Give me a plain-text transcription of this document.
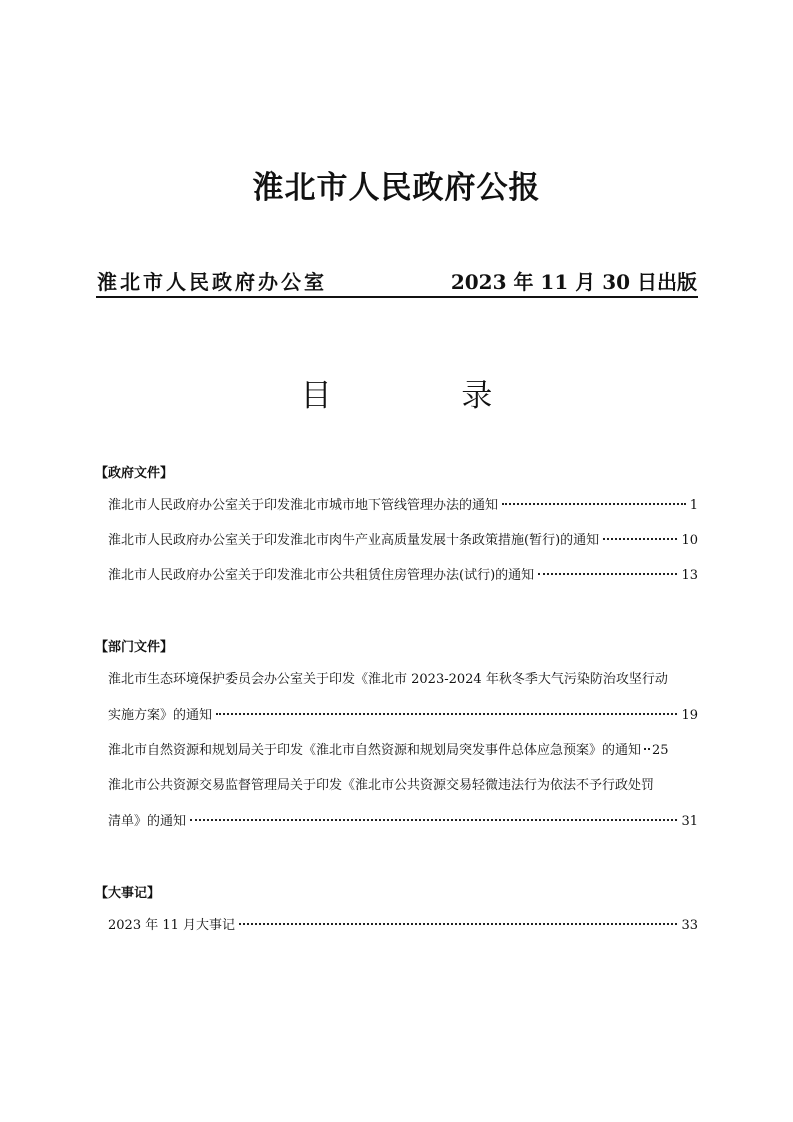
淮北市人民政府公报
淮北市人民政府办公室	2023 年 11 月 30 日出版
目 录
【政府文件】
淮北市人民政府办公室关于印发淮北市城市地下管线管理办法的通知	1
淮北市人民政府办公室关于印发淮北市肉牛产业高质量发展十条政策措施(暂行)的通知	10
淮北市人民政府办公室关于印发淮北市公共租赁住房管理办法(试行)的通知	13
【部门文件】
淮北市生态环境保护委员会办公室关于印发《淮北市 2023-2024 年秋冬季大气污染防治攻坚行动
实施方案》的通知	19
淮北市自然资源和规划局关于印发《淮北市自然资源和规划局突发事件总体应急预案》的通知 25
淮北市公共资源交易监督管理局关于印发《淮北市公共资源交易轻微违法行为依法不予行政处罚
清单》的通知	31
【大事记】
2023 年 11 月大事记	33
